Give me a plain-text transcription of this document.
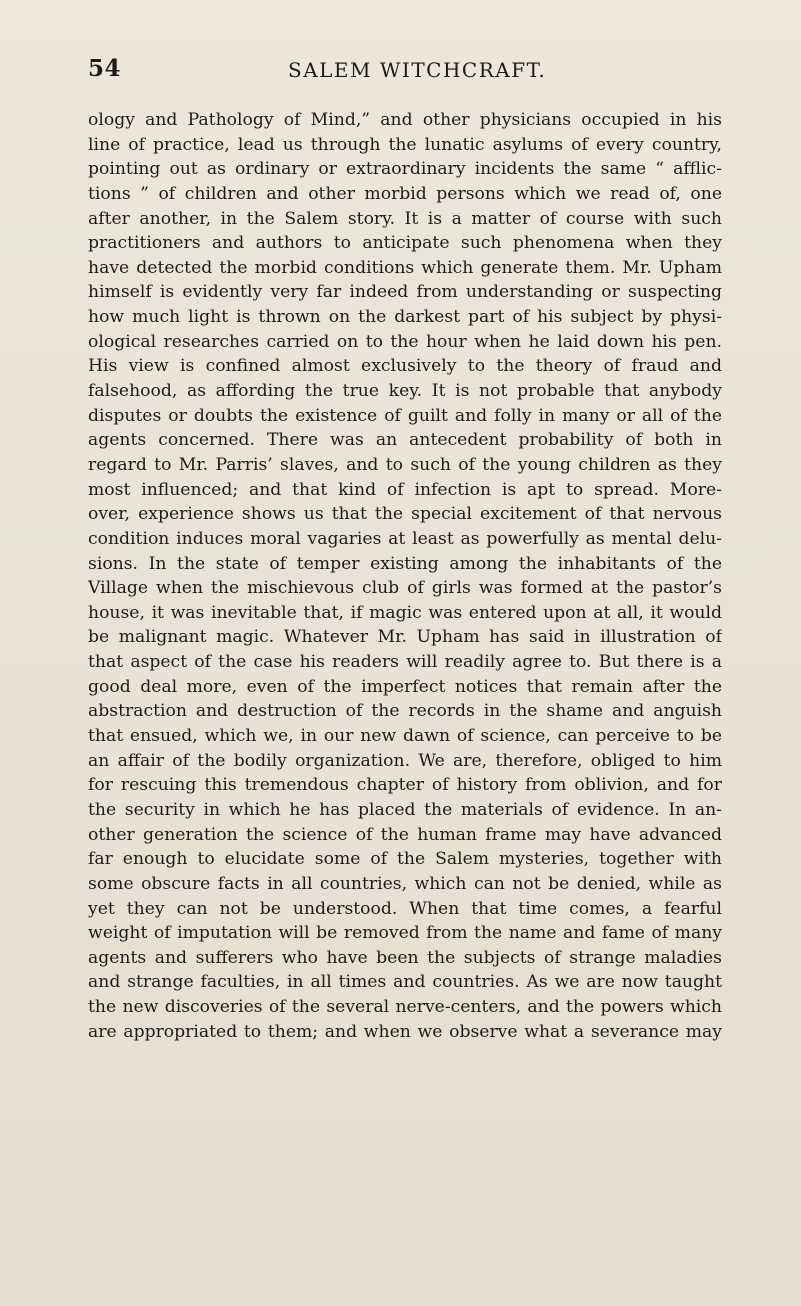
54	SALEM WITCHCRAFT.
ology and Pathology of Mind,” and other physicians occupied in his
line of practice, lead us through the lunatic asylums of every country,
pointing out as ordinary or extraordinary incidents the same “ afflic-
tions ” of children and other morbid persons which we read of, one
after another, in the Salem story. It is a matter of course with such
practitioners and authors to anticipate such phenomena when they
have detected the morbid conditions which generate them. Mr. Upham
himself is evidently very far indeed from understanding or suspecting
how much light is thrown on the darkest part of his subject by physi-
ological researches carried on to the hour when he laid down his pen.
His view is confined almost exclusively to the theory of fraud and
falsehood, as affording the true key. It is not probable that anybody
disputes or doubts the existence of guilt and folly in many or all of the
agents concerned. There was an antecedent probability of both in
regard to Mr. Parris’ slaves, and to such of the young children as they
most influenced; and that kind of infection is apt to spread. More-
over, experience shows us that the special excitement of that nervous
condition induces moral vagaries at least as powerfully as mental delu-
sions. In the state of temper existing among the inhabitants of the
Village when the mischievous club of girls was formed at the pastor’s
house, it was inevitable that, if magic was entered upon at all, it would
be malignant magic. Whatever Mr. Upham has said in illustration of
that aspect of the case his readers will readily agree to. But there is a
good deal more, even of the imperfect notices that remain after the
abstraction and destruction of the records in the shame and anguish
that ensued, which we, in our new dawn of science, can perceive to be
an affair of the bodily organization. We are, therefore, obliged to him
for rescuing this tremendous chapter of history from oblivion, and for
the security in which he has placed the materials of evidence. In an-
other generation the science of the human frame may have advanced
far enough to elucidate some of the Salem mysteries, together with
some obscure facts in all countries, which can not be denied, while as
yet they can not be understood. When that time comes, a fearful
weight of imputation will be removed from the name and fame of many
agents and sufferers who have been the subjects of strange maladies
and strange faculties, in all times and countries. As we are now taught
the new discoveries of the several nerve-centers, and the powers which
are appropriated to them; and when we observe what a severance may
